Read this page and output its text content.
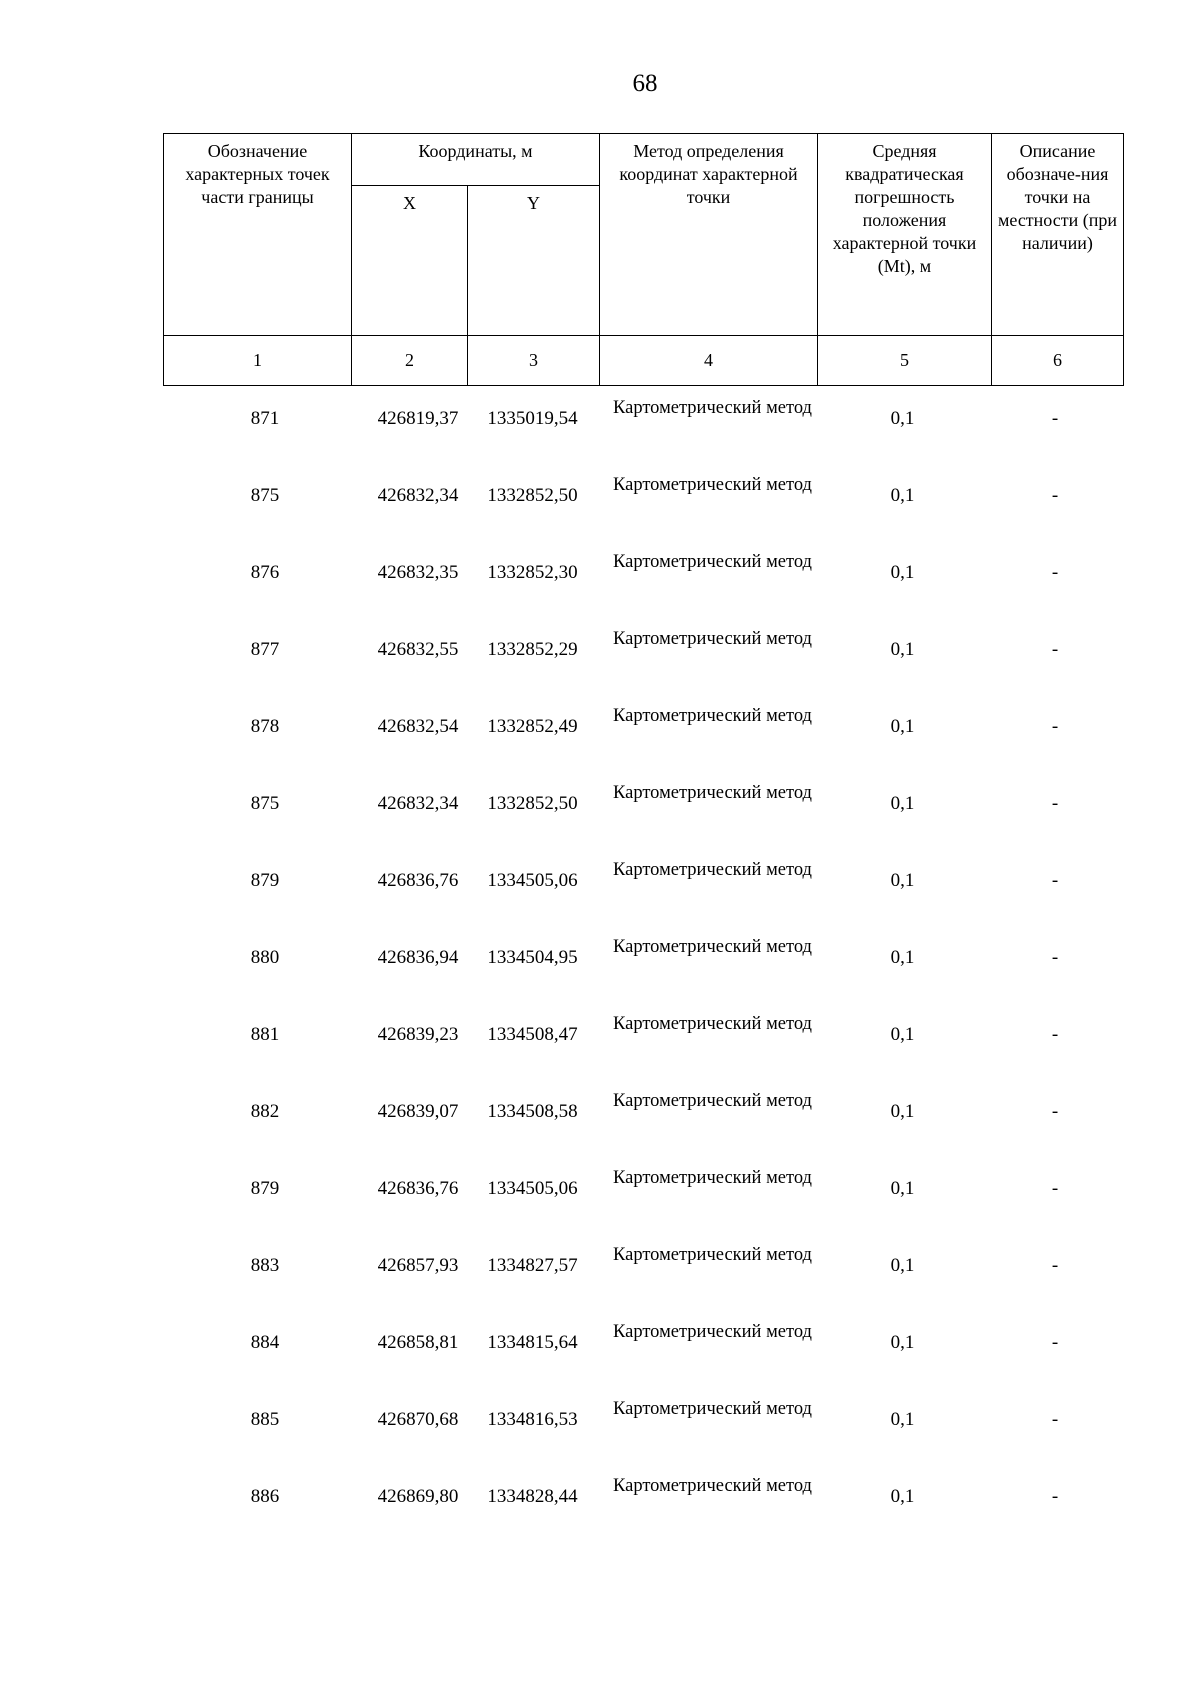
68
Обозначение характерных точек части границы	Координаты, м		Метод определения координат характерной точки	Средняя квадратическая погрешность положения характерной точки (Mt), м	Описание обозначе-ния точки на местности (при наличии)
	X	Y			
1	2	3	4	5	6
871	426819,37	1335019,54	Картометрический метод	0,1	-
875	426832,34	1332852,50	Картометрический метод	0,1	-
876	426832,35	1332852,30	Картометрический метод	0,1	-
877	426832,55	1332852,29	Картометрический метод	0,1	-
878	426832,54	1332852,49	Картометрический метод	0,1	-
875	426832,34	1332852,50	Картометрический метод	0,1	-
879	426836,76	1334505,06	Картометрический метод	0,1	-
880	426836,94	1334504,95	Картометрический метод	0,1	-
881	426839,23	1334508,47	Картометрический метод	0,1	-
882	426839,07	1334508,58	Картометрический метод	0,1	-
879	426836,76	1334505,06	Картометрический метод	0,1	-
883	426857,93	1334827,57	Картометрический метод	0,1	-
884	426858,81	1334815,64	Картометрический метод	0,1	-
885	426870,68	1334816,53	Картометрический метод	0,1	-
886	426869,80	1334828,44	Картометрический метод	0,1	-
